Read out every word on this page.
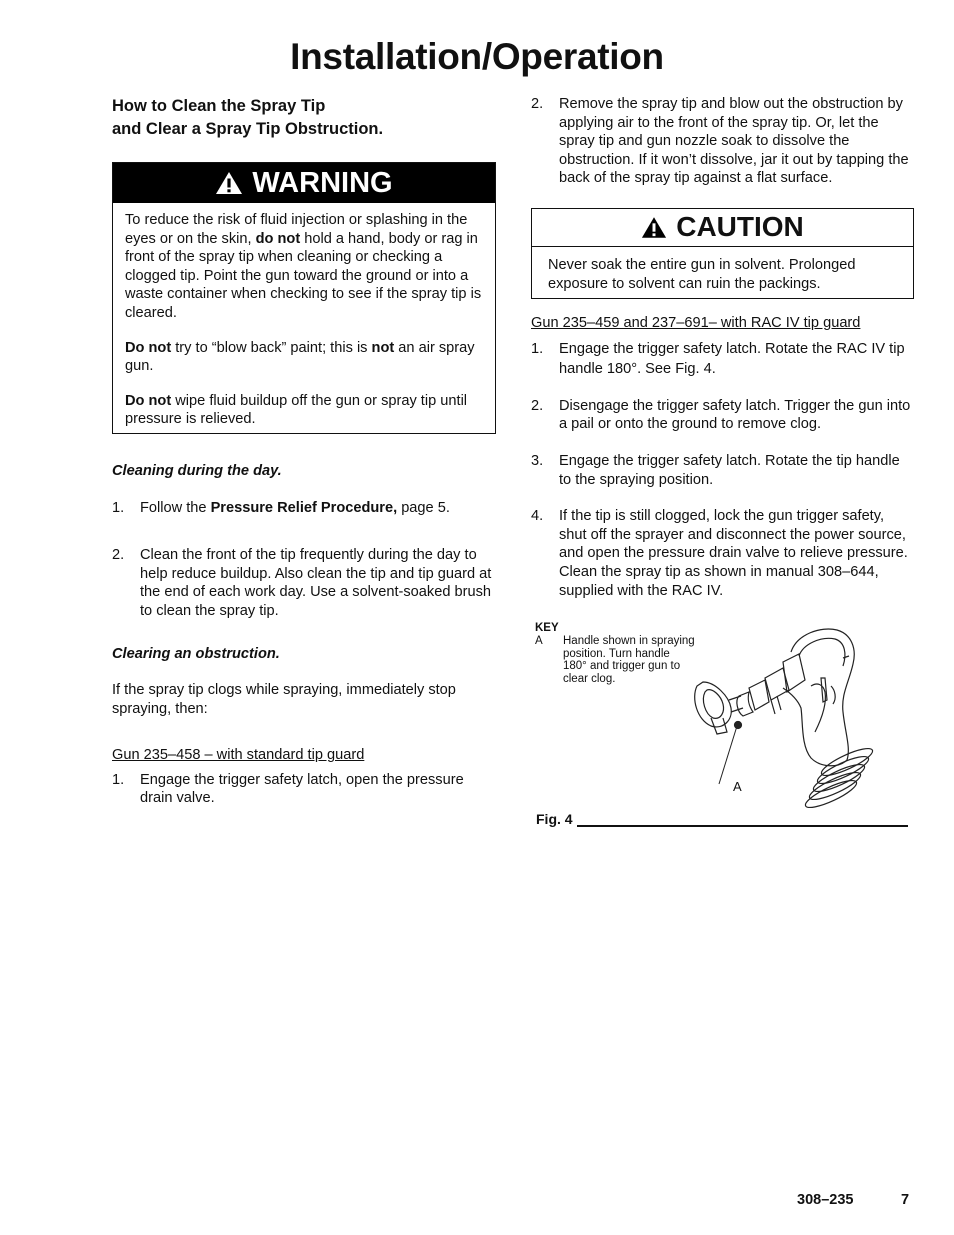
Installation/Operation
How to Clean the Spray Tip
and Clear a Spray Tip Obstruction.
WARNING

To reduce the risk of fluid injection or splashing in the eyes or on the skin, do not hold a hand, body or rag in front of the spray tip when cleaning or checking a clogged tip. Point the gun toward the ground or into a waste container when checking to see if the spray tip is cleared.

Do not try to “blow back” paint; this is not an air spray gun.

Do not wipe fluid buildup off the gun or spray tip until pressure is relieved.

Cleaning during the day.
1.	Follow the Pressure Relief Procedure, page 5.
2.	Clean the front of the tip frequently during the day to help reduce buildup. Also clean the tip and tip guard at the end of each work day. Use a solvent-soaked brush to clean the spray tip.
Clearing an obstruction.
If the spray tip clogs while spraying, immediately stop spraying, then:
Gun 235–458 – with standard tip guard
1.	Engage the trigger safety latch, open the pressure drain valve.
2.	Remove the spray tip and blow out the obstruction by applying air to the front of the spray tip. Or, let the spray tip and gun nozzle soak to dissolve the obstruction. If it won’t dissolve, jar it out by tapping the back of the spray tip against a flat surface.
CAUTION
Never soak the entire gun in solvent. Prolonged exposure to solvent can ruin the packings.
Gun 235–459 and 237–691– with RAC IV tip guard
1.	Engage the trigger safety latch. Rotate the RAC IV tip handle 180°. See Fig. 4.
2.	Disengage the trigger safety latch. Trigger the gun into a pail or onto the ground to remove clog.
3.	Engage the trigger safety latch. Rotate the tip handle to the spraying position.
4.	If the tip is still clogged, lock the gun trigger safety, shut off the sprayer and disconnect the power source, and open the pressure drain valve to relieve pressure. Clean the spray tip as shown in manual 308–644, supplied with the RAC IV.
KEY
A	Handle shown in spraying position. Turn handle 180° and trigger gun to clear clog.
A
Fig. 4
308–235	7
